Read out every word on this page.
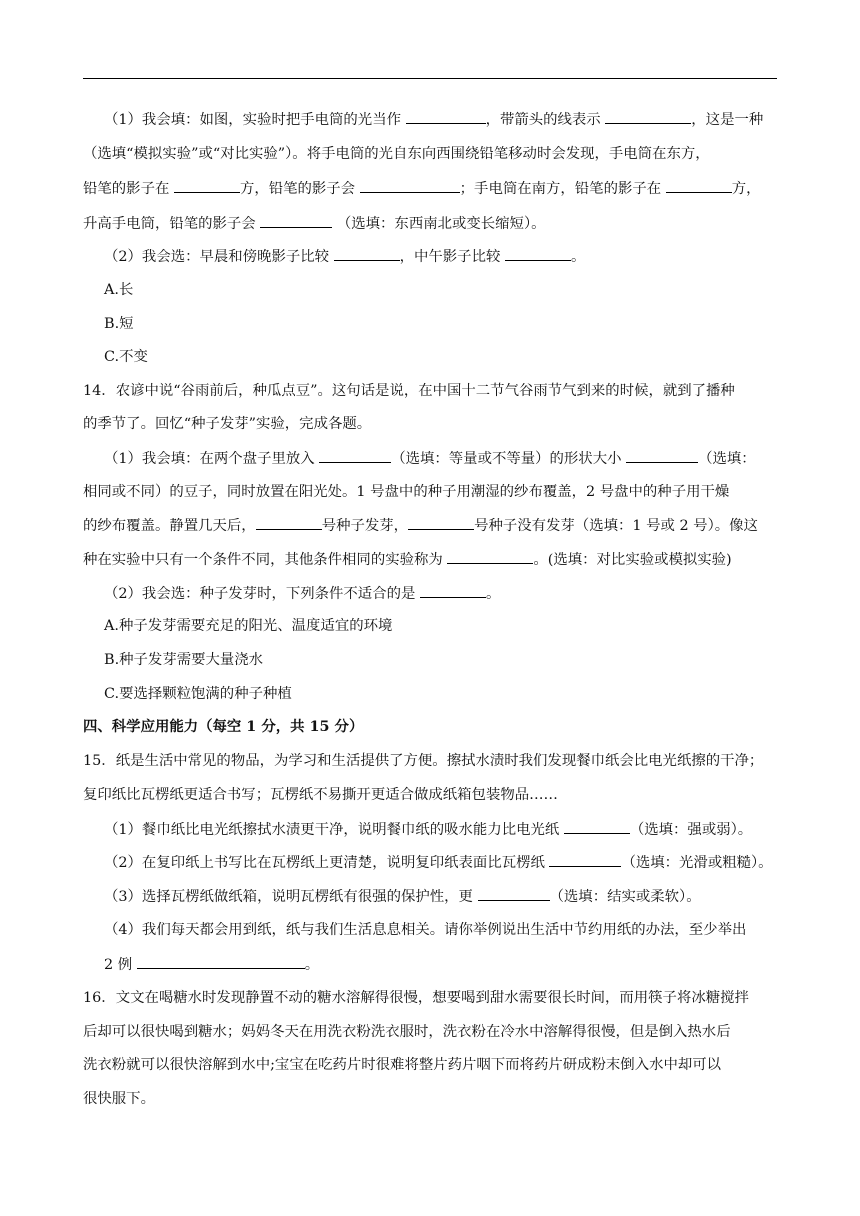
（1）我会填：如图，实验时把手电筒的光当作	，带箭头的线表示	，这是一种
（选填“模拟实验”或“对比实验”）。将手电筒的光自东向西围绕铅笔移动时会发现，手电筒在东方，
铅笔的影子在	方，铅笔的影子会	；手电筒在南方，铅笔的影子在	方，
升高手电筒，铅笔的影子会	（选填：东西南北或变长缩短）。
（2）我会选：早晨和傍晚影子比较	，中午影子比较	。
A.长
B.短
C.不变
14．农谚中说“谷雨前后，种瓜点豆”。这句话是说，在中国十二节气谷雨节气到来的时候，就到了播种
的季节了。回忆“种子发芽”实验，完成各题。
（1）我会填：在两个盘子里放入	（选填：等量或不等量）的形状大小	（选填：
相同或不同）的豆子，同时放置在阳光处。1 号盘中的种子用潮湿的纱布覆盖，2 号盘中的种子用干燥
的纱布覆盖。静置几天后，	号种子发芽，	号种子没有发芽（选填：1 号或 2 号）。像这
种在实验中只有一个条件不同，其他条件相同的实验称为	。(选填：对比实验或模拟实验)
（2）我会选：种子发芽时，下列条件不适合的是	。
A.种子发芽需要充足的阳光、温度适宜的环境
B.种子发芽需要大量浇水
C.要选择颗粒饱满的种子种植
四、科学应用能力（每空 1 分，共 15 分）
15．纸是生活中常见的物品，为学习和生活提供了方便。擦拭水渍时我们发现餐巾纸会比电光纸擦的干净；
复印纸比瓦楞纸更适合书写；瓦楞纸不易撕开更适合做成纸箱包装物品……
（1）餐巾纸比电光纸擦拭水渍更干净，说明餐巾纸的吸水能力比电光纸	（选填：强或弱）。
（2）在复印纸上书写比在瓦楞纸上更清楚，说明复印纸表面比瓦楞纸	（选填：光滑或粗糙）。
（3）选择瓦楞纸做纸箱，说明瓦楞纸有很强的保护性，更	（选填：结实或柔软）。
（4）我们每天都会用到纸，纸与我们生活息息相关。请你举例说出生活中节约用纸的办法，至少举出
2 例	。
16．文文在喝糖水时发现静置不动的糖水溶解得很慢，想要喝到甜水需要很长时间，而用筷子将冰糖搅拌
后却可以很快喝到糖水；妈妈冬天在用洗衣粉洗衣服时，洗衣粉在冷水中溶解得很慢，但是倒入热水后
洗衣粉就可以很快溶解到水中;宝宝在吃药片时很难将整片药片咽下而将药片研成粉末倒入水中却可以
很快服下。
